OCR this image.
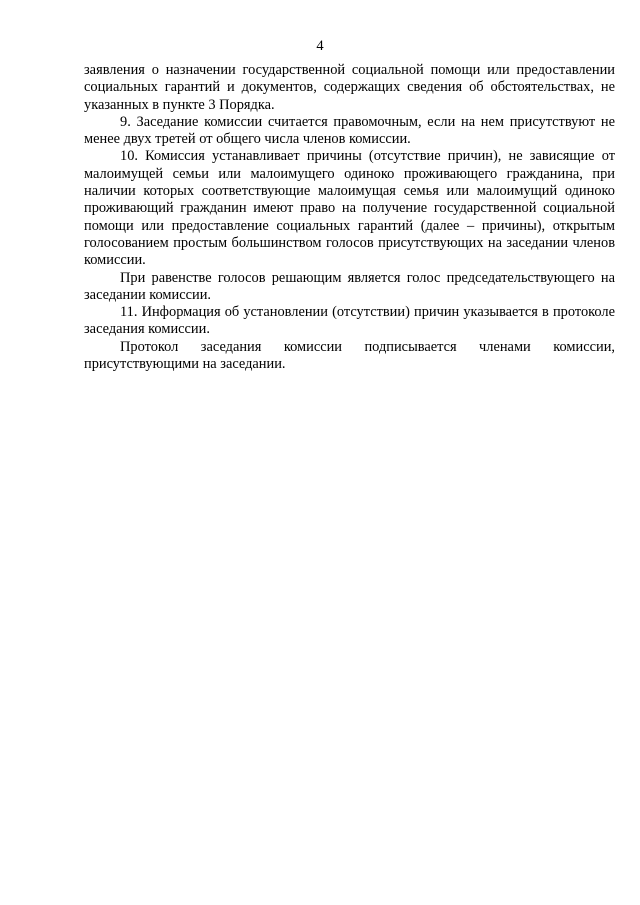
4

заявления о назначении государственной социальной помощи или предоставлении социальных гарантий и документов, содержащих сведения об обстоятельствах, не указанных в пункте 3 Порядка.

9. Заседание комиссии считается правомочным, если на нем присутствуют не менее двух третей от общего числа членов комиссии.

10. Комиссия устанавливает причины (отсутствие причин), не зависящие от малоимущей семьи или малоимущего одиноко проживающего гражданина, при наличии которых соответствующие малоимущая семья или малоимущий одиноко проживающий гражданин имеют право на получение государственной социальной помощи или предоставление социальных гарантий (далее – причины), открытым голосованием простым большинством голосов присутствующих на заседании членов комиссии.

При равенстве голосов решающим является голос председательствующего на заседании комиссии.

11. Информация об установлении (отсутствии) причин указывается в протоколе заседания комиссии.

Протокол заседания комиссии подписывается членами комиссии, присутствующими на заседании.
